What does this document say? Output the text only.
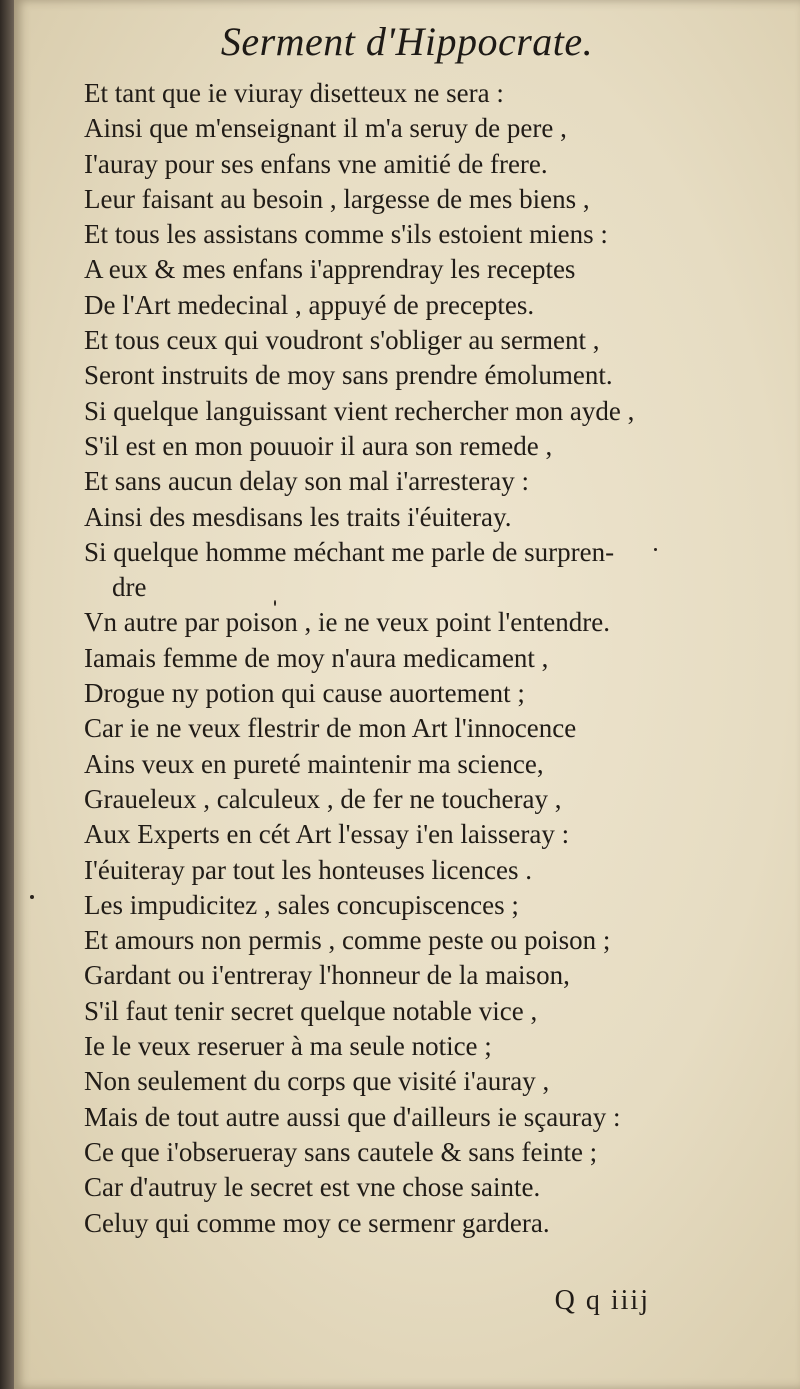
Serment d'Hippocrate.
Et tant que ie viuray disetteux ne sera :
Ainsi que m'enseignant il m'a seruy de pere ,
I'auray pour ses enfans vne amitié de frere.
Leur faisant au besoin , largesse de mes biens ,
Et tous les assistans comme s'ils estoient miens :
A eux & mes enfans i'apprendray les receptes
De l'Art medecinal , appuyé de preceptes.
Et tous ceux qui voudront s'obliger au serment ,
Seront instruits de moy sans prendre émolument.
Si quelque languissant vient rechercher mon ayde ,
S'il est en mon pouuoir il aura son remede ,
Et sans aucun delay son mal i'arresteray :
Ainsi des mesdisans les traits i'éuiteray.
Si quelque homme méchant me parle de surpren-
dre
Vn autre par poison , ie ne veux point l'entendre.
Iamais femme de moy n'aura medicament ,
Drogue ny potion qui cause auortement ;
Car ie ne veux flestrir de mon Art l'innocence
Ains veux en pureté maintenir ma science,
Graueleux , calculeux , de fer ne toucheray ,
Aux Experts en cét Art l'essay i'en laisseray :
I'éuiteray par tout les honteuses licences .
Les impudicitez , sales concupiscences ;
Et amours non permis , comme peste ou poison ;
Gardant ou i'entreray l'honneur de la maison,
S'il faut tenir secret quelque notable vice ,
Ie le veux reseruer à ma seule notice ;
Non seulement du corps que visité i'auray ,
Mais de tout autre aussi que d'ailleurs ie sçauray :
Ce que i'obserueray sans cautele & sans feinte ;
Car d'autruy le secret est vne chose sainte.
Celuy qui comme moy ce sermenr gardera.
Q q iiij
